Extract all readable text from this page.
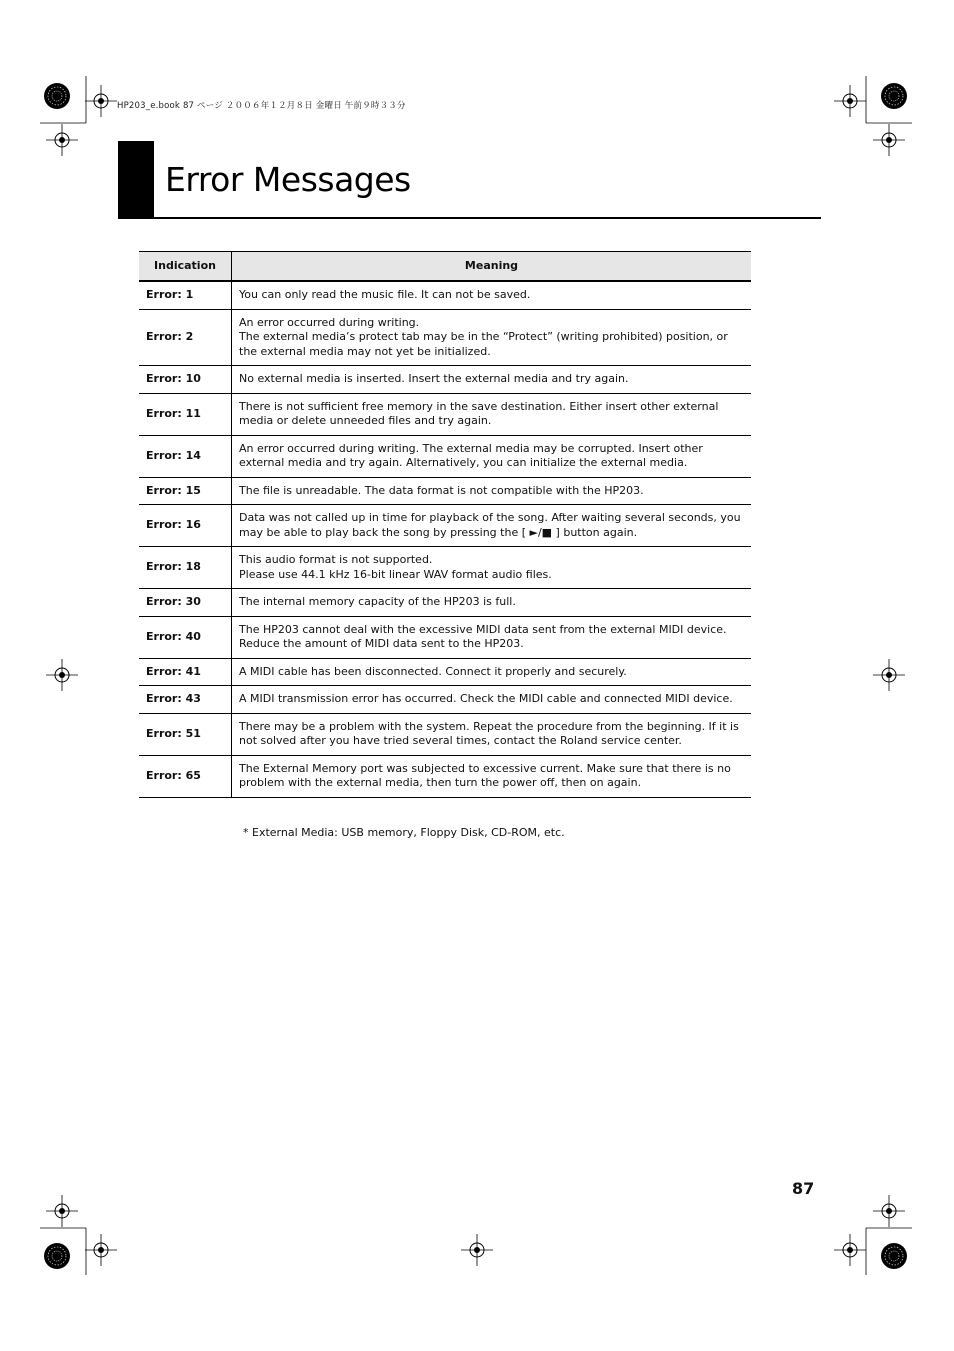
HP203_e.book 87 ページ ２００６年１２月８日 金曜日 午前９時３３分
Error Messages
Indication	Meaning
Error: 1	You can only read the music file. It can not be saved.

Error: 2	An error occurred during writing.
The external media’s protect tab may be in the “Protect” (writing prohibited) position, or the external media may not yet be initialized.

Error: 10	No external media is inserted. Insert the external media and try again.

Error: 11	There is not sufficient free memory in the save destination. Either insert other external media or delete unneeded files and try again.

Error: 14	An error occurred during writing. The external media may be corrupted. Insert other external media and try again. Alternatively, you can initialize the external media.

Error: 15	The file is unreadable. The data format is not compatible with the HP203.

Error: 16	Data was not called up in time for playback of the song. After waiting several seconds, you may be able to play back the song by pressing the [ ►/■ ] button again.

Error: 18	This audio format is not supported.
Please use 44.1 kHz 16-bit linear WAV format audio files.

Error: 30	The internal memory capacity of the HP203 is full.

Error: 40	The HP203 cannot deal with the excessive MIDI data sent from the external MIDI device. Reduce the amount of MIDI data sent to the HP203.

Error: 41	A MIDI cable has been disconnected. Connect it properly and securely.

Error: 43	A MIDI transmission error has occurred. Check the MIDI cable and connected MIDI device.

Error: 51	There may be a problem with the system. Repeat the procedure from the beginning. If it is not solved after you have tried several times, contact the Roland service center.

Error: 65	The External Memory port was subjected to excessive current. Make sure that there is no problem with the external media, then turn the power off, then on again.
* External Media: USB memory, Floppy Disk, CD-ROM, etc.
87
